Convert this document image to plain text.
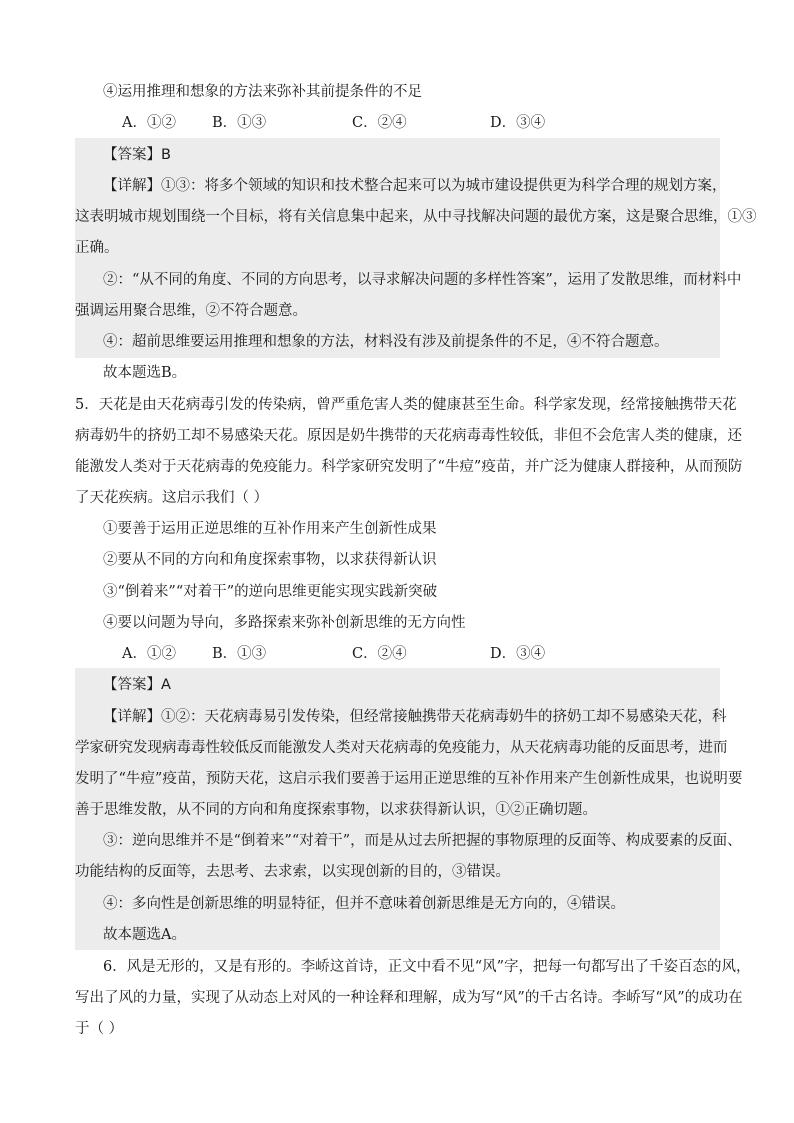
④运用推理和想象的方法来弥补其前提条件的不足
A．①② B．①③	C．②④	D．③④
【答案】B
【详解】①③：将多个领域的知识和技术整合起来可以为城市建设提供更为科学合理的规划方案，
这表明城市规划围绕一个目标，将有关信息集中起来，从中寻找解决问题的最优方案，这是聚合思维，①③
正确。
②：“从不同的角度、不同的方向思考，以寻求解决问题的多样性答案”，运用了发散思维，而材料中
强调运用聚合思维，②不符合题意。
④：超前思维要运用推理和想象的方法，材料没有涉及前提条件的不足，④不符合题意。
故本题选B。
5．天花是由天花病毒引发的传染病，曾严重危害人类的健康甚至生命。科学家发现，经常接触携带天花
病毒奶牛的挤奶工却不易感染天花。原因是奶牛携带的天花病毒毒性较低，非但不会危害人类的健康，还
能激发人类对于天花病毒的免疫能力。科学家研究发明了“牛痘”疫苗，并广泛为健康人群接种，从而预防
了天花疾病。这启示我们（ ）
①要善于运用正逆思维的互补作用来产生创新性成果
②要从不同的方向和角度探索事物，以求获得新认识
③“倒着来”“对着干”的逆向思维更能实现实践新突破
④要以问题为导向，多路探索来弥补创新思维的无方向性
A．①② B．①③	C．②④	D．③④
【答案】A
【详解】①②：天花病毒易引发传染，但经常接触携带天花病毒奶牛的挤奶工却不易感染天花，科
学家研究发现病毒毒性较低反而能激发人类对天花病毒的免疫能力，从天花病毒功能的反面思考，进而
发明了“牛痘”疫苗，预防天花，这启示我们要善于运用正逆思维的互补作用来产生创新性成果，也说明要
善于思维发散，从不同的方向和角度探索事物，以求获得新认识，①②正确切题。
③：逆向思维并不是“倒着来”“对着干”，而是从过去所把握的事物原理的反面等、构成要素的反面、
功能结构的反面等，去思考、去求索，以实现创新的目的，③错误。
④：多向性是创新思维的明显特征，但并不意味着创新思维是无方向的，④错误。
故本题选A。
6．风是无形的，又是有形的。李峤这首诗，正文中看不见“风”字，把每一句都写出了千姿百态的风，
写出了风的力量，实现了从动态上对风的一种诠释和理解，成为写“风”的千古名诗。李峤写“风”的成功在
于（ ）
